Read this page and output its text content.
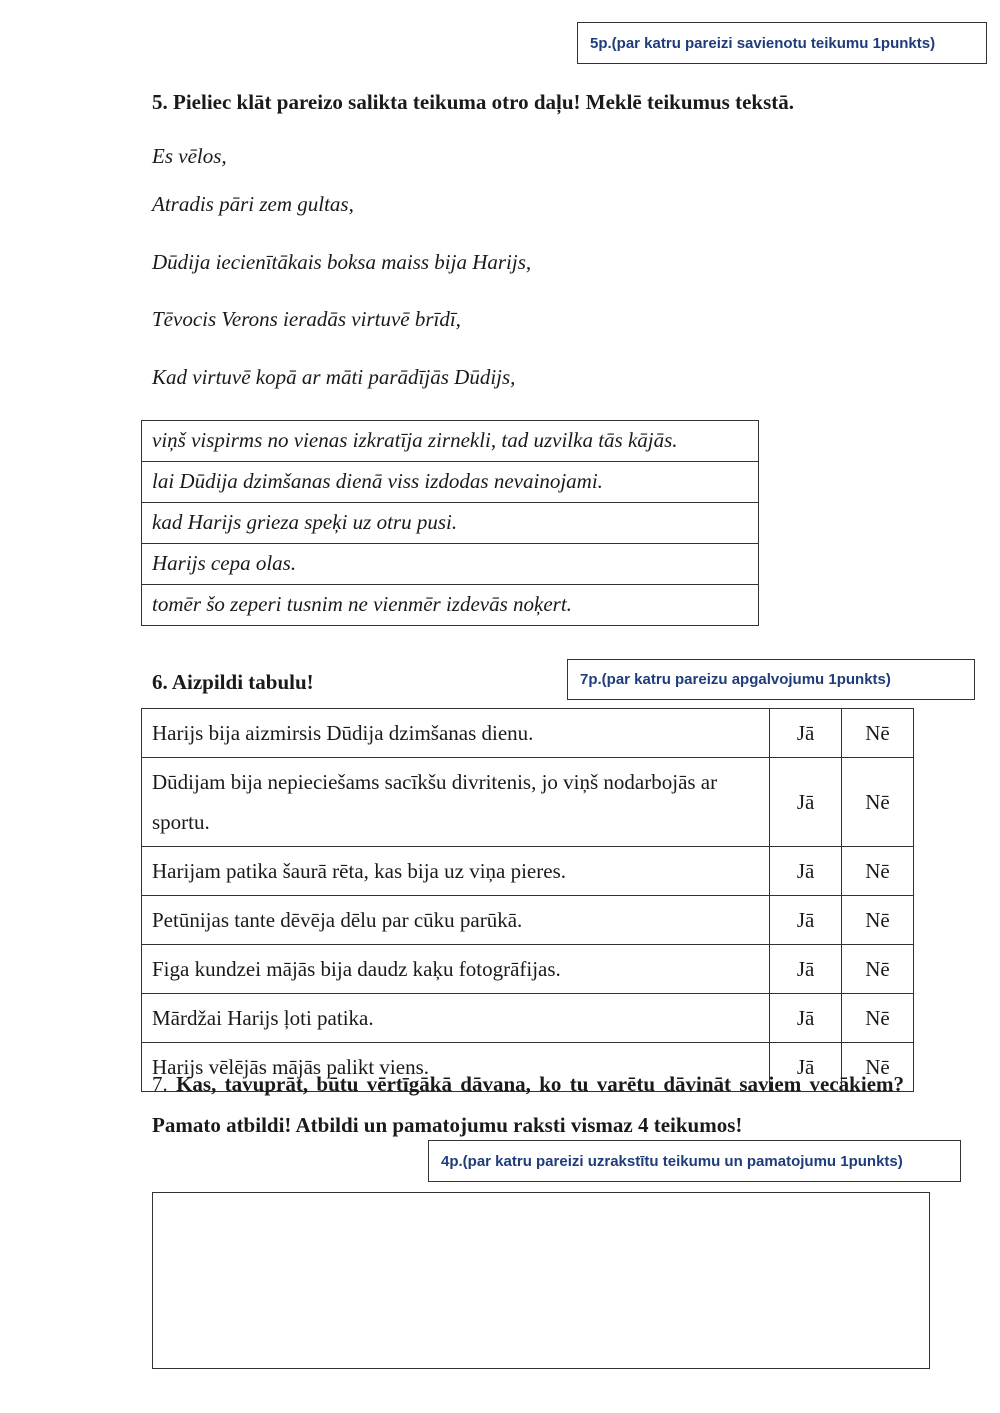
5p.(par katru pareizi savienotu teikumu 1punkts)
5. Pieliec klāt pareizo salikta teikuma otro daļu! Meklē teikumus tekstā.
Es vēlos,
Atradis pāri zem gultas,
Dūdija iecienītākais boksa maiss bija Harijs,
Tēvocis Verons ieradās virtuvē brīdī,
Kad virtuvē kopā ar māti parādījās Dūdijs,
viņš vispirms no vienas izkratīja zirnekli, tad uzvilka tās kājās.
lai Dūdija dzimšanas dienā viss izdodas nevainojami.
kad Harijs grieza speķi uz otru pusi.
Harijs cepa olas.
tomēr šo zeperi tusnim ne vienmēr izdevās noķert.
6. Aizpildi tabulu!	7p.(par katru pareizu apgalvojumu 1punkts)
Harijs bija aizmirsis Dūdija dzimšanas dienu.	Jā	Nē
Dūdijam bija nepieciešams sacīkšu divritenis, jo viņš nodarbojās ar sportu.	Jā	Nē
Harijam patika šaurā rēta, kas bija uz viņa pieres.	Jā	Nē
Petūnijas tante dēvēja dēlu par cūku parūkā.	Jā	Nē
Figa kundzei mājās bija daudz kaķu fotogrāfijas.	Jā	Nē
Mārdžai Harijs ļoti patika.	Jā	Nē
Harijs vēlējās mājās palikt viens.	Jā	Nē
7. Kas, tavuprāt, būtu vērtīgākā dāvana, ko tu varētu dāvināt saviem vecākiem? Pamato atbildi! Atbildi un pamatojumu raksti vismaz 4 teikumos!
4p.(par katru pareizi uzrakstītu teikumu un pamatojumu 1punkts)
